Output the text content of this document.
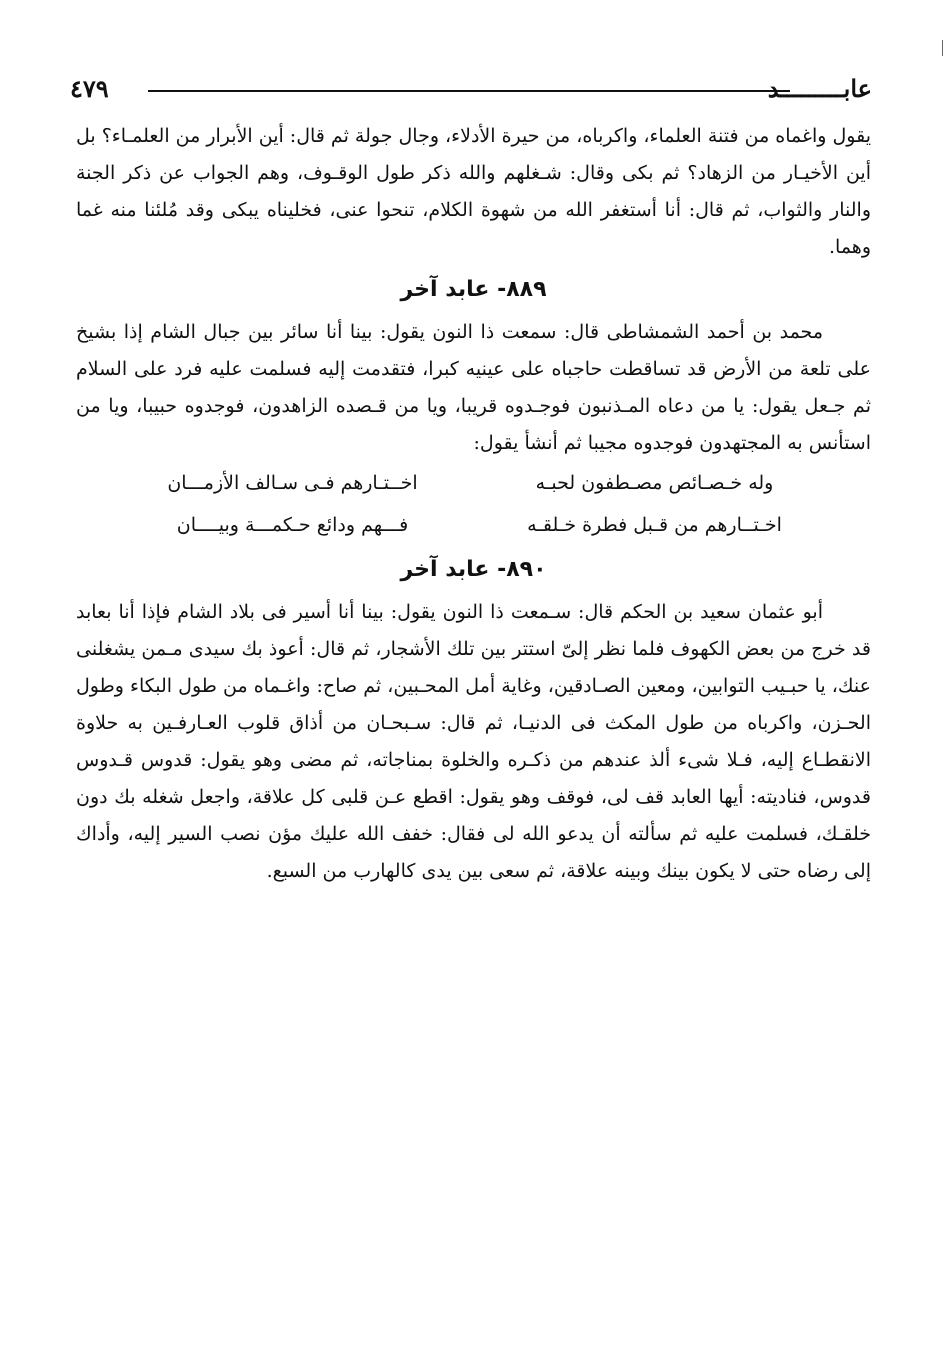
عابـــــــــد
٤٧٩

يقول واغماه من فتنة العلماء، واكرباه، من حيرة الأدلاء، وجال جولة ثم قال: أين الأبرار من العلمـاء؟ بل أين الأخيـار من الزهاد؟ ثم بكى وقال: شـغلهم والله ذكر طول الوقـوف، وهم الجواب عن ذكر الجنة والنار والثواب، ثم قال: أنا أستغفر الله من شهوة الكلام، تنحوا عنى، فخليناه يبكى وقد مُلئنا منه غما وهما.

٨٨٩- عابد آخر

محمد بن أحمد الشمشاطى قال: سمعت ذا النون يقول: بينا أنا سائر بين جبال الشام إذا بشيخ على تلعة من الأرض قد تساقطت حاجباه على عينيه كبرا، فتقدمت إليه فسلمت عليه فرد على السلام ثم جـعل يقول: يا من دعاه المـذنبون فوجـدوه قريبا، ويا من قـصده الزاهدون، فوجدوه حبيبا، ويا من استأنس به المجتهدون فوجدوه مجيبا ثم أنشأ يقول:

وله خـصـائص مصـطفون لحبـه
اخــتـارهم فـى سـالف الأزمـــان
اخـتــارهم من قـبل فطرة خـلقـه
فـــهم ودائع حـكمـــة وبيــــان
٨٩٠- عابد آخر

أبو عثمان سعيد بن الحكم قال: سـمعت ذا النون يقول: بينا أنا أسير فى بلاد الشام فإذا أنا بعابد قد خرج من بعض الكهوف فلما نظر إلىّ استتر بين تلك الأشجار، ثم قال: أعوذ بك سيدى مـمن يشغلنى عنك، يا حبـيب التوابين، ومعين الصـادقين، وغاية أمل المحـبين، ثم صاح: واغـماه من طول البكاء وطول الحـزن، واكرباه من طول المكث فى الدنيـا، ثم قال: سـبحـان من أذاق قلوب العـارفـين به حلاوة الانقطـاع إليه، فـلا شىء ألذ عندهم من ذكـره والخلوة بمناجاته، ثم مضى وهو يقول: قدوس قـدوس قدوس، فناديته: أيها العابد قف لى، فوقف وهو يقول: اقطع عـن قلبى كل علاقة، واجعل شغله بك دون خلقـك، فسلمت عليه ثم سألته أن يدعو الله لى فقال: خفف الله عليك مؤن نصب السير إليه، وأداك إلى رضاه حتى لا يكون بينك وبينه علاقة، ثم سعى بين يدى كالهارب من السبع.
